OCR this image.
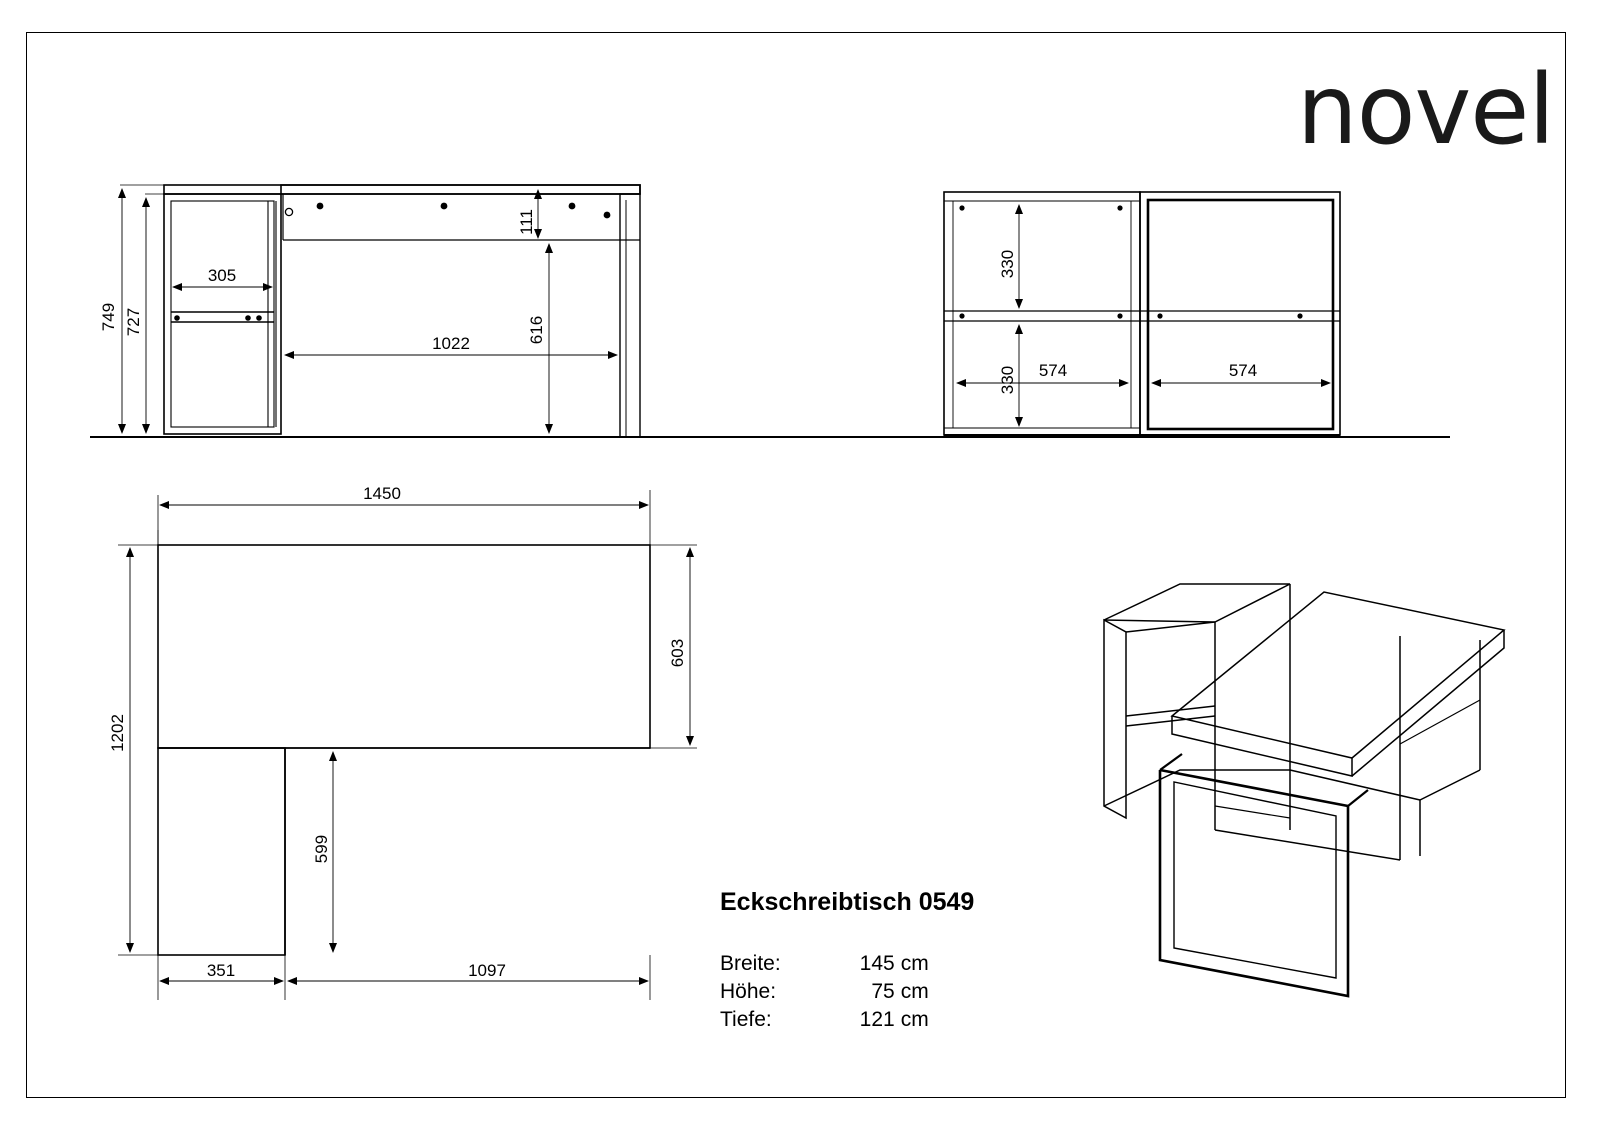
novel
749 727
305
111
616
1022
330
330 574	574
1450
603
1202
599
351	1097
Eckschreibtisch 0549
Breite:	145	cm
Höhe:	75	cm
Tiefe:	121	cm
